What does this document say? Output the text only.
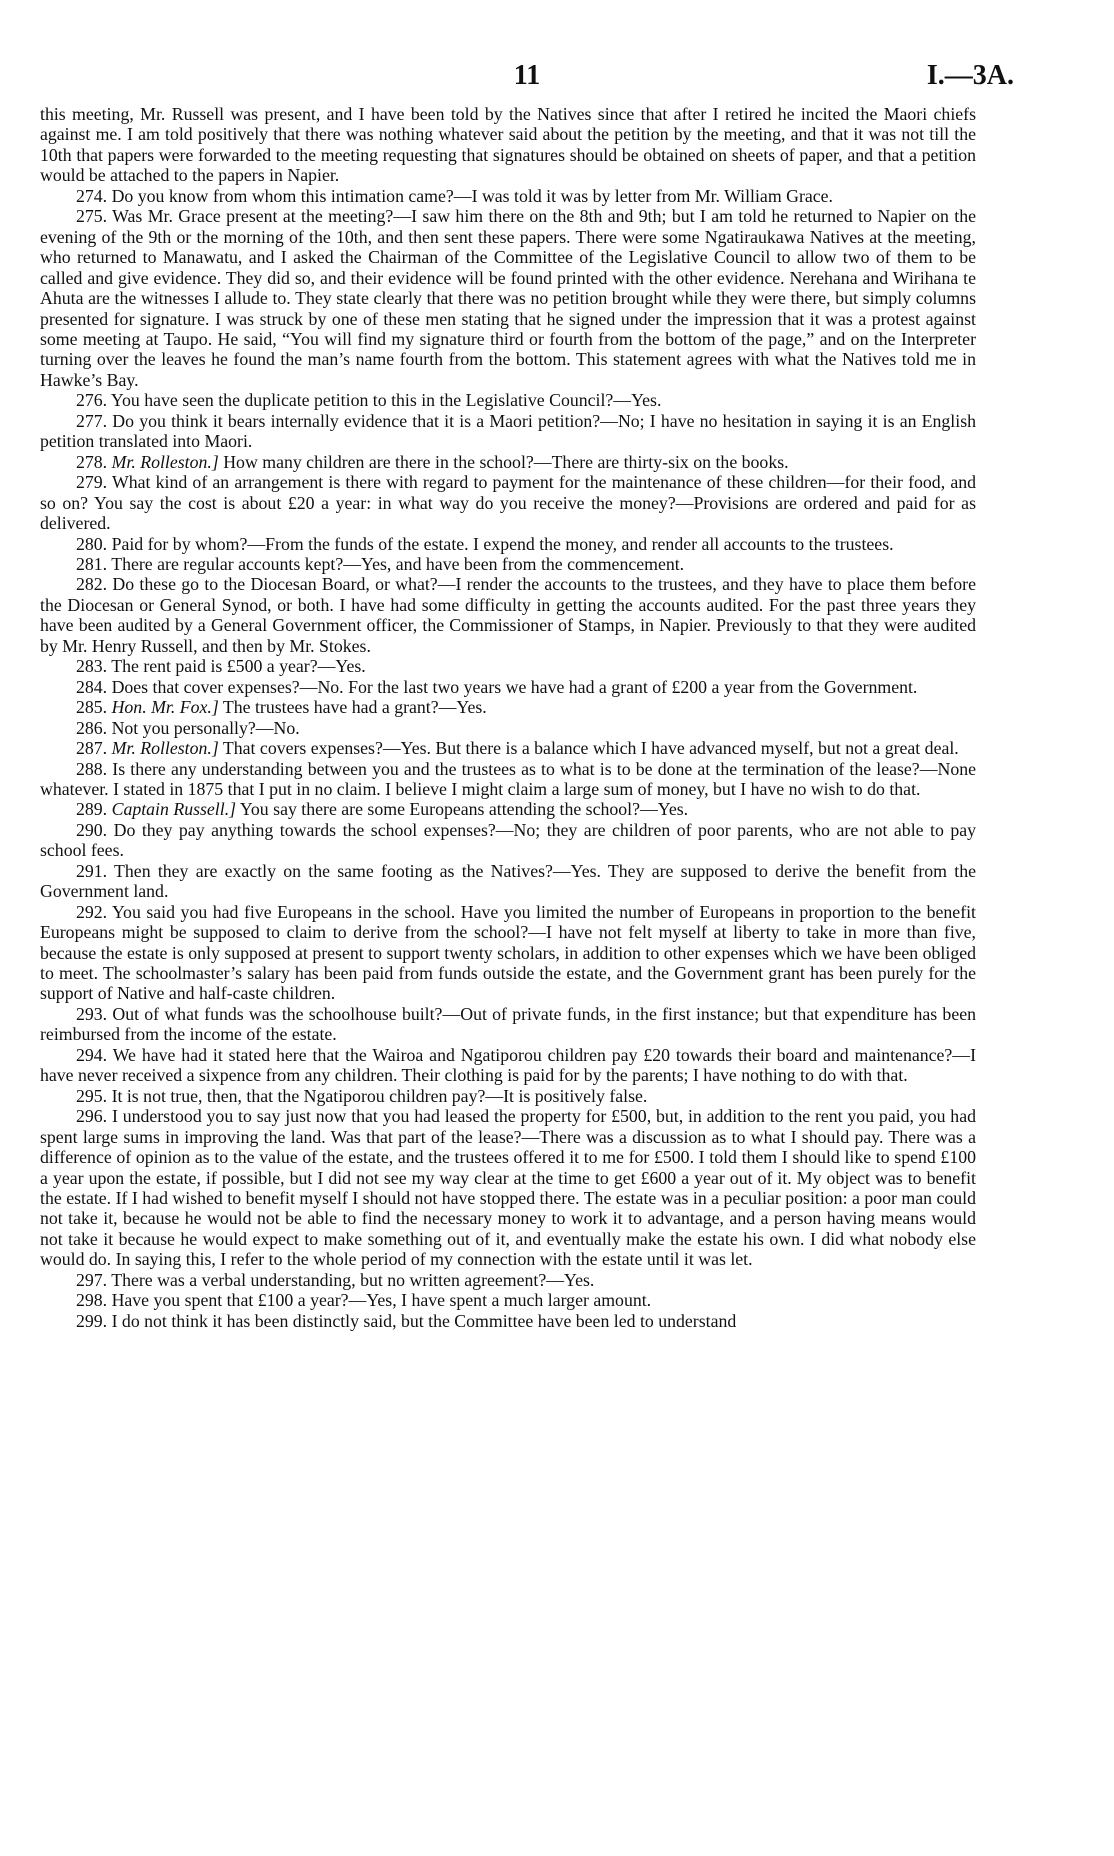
11	I.—3A.

this meeting, Mr. Russell was present, and I have been told by the Natives since that after I retired he incited the Maori chiefs against me. I am told positively that there was nothing whatever said about the petition by the meeting, and that it was not till the 10th that papers were forwarded to the meeting requesting that signatures should be obtained on sheets of paper, and that a petition would be attached to the papers in Napier.

274. Do you know from whom this intimation came?—I was told it was by letter from Mr. William Grace.

275. Was Mr. Grace present at the meeting?—I saw him there on the 8th and 9th; but I am told he returned to Napier on the evening of the 9th or the morning of the 10th, and then sent these papers. There were some Ngatiraukawa Natives at the meeting, who returned to Manawatu, and I asked the Chairman of the Committee of the Legislative Council to allow two of them to be called and give evidence. They did so, and their evidence will be found printed with the other evidence. Nerehana and Wirihana te Ahuta are the witnesses I allude to. They state clearly that there was no petition brought while they were there, but simply columns presented for signature. I was struck by one of these men stating that he signed under the impression that it was a protest against some meeting at Taupo. He said, “You will find my signature third or fourth from the bottom of the page,” and on the Interpreter turning over the leaves he found the man’s name fourth from the bottom. This statement agrees with what the Natives told me in Hawke’s Bay.

276. You have seen the duplicate petition to this in the Legislative Council?—Yes.

277. Do you think it bears internally evidence that it is a Maori petition?—No; I have no hesitation in saying it is an English petition translated into Maori.

278. Mr. Rolleston.] How many children are there in the school?—There are thirty-six on the books.

279. What kind of an arrangement is there with regard to payment for the maintenance of these children—for their food, and so on? You say the cost is about £20 a year: in what way do you receive the money?—Provisions are ordered and paid for as delivered.

280. Paid for by whom?—From the funds of the estate. I expend the money, and render all accounts to the trustees.

281. There are regular accounts kept?—Yes, and have been from the commencement.

282. Do these go to the Diocesan Board, or what?—I render the accounts to the trustees, and they have to place them before the Diocesan or General Synod, or both. I have had some difficulty in getting the accounts audited. For the past three years they have been audited by a General Government officer, the Commissioner of Stamps, in Napier. Previously to that they were audited by Mr. Henry Russell, and then by Mr. Stokes.

283. The rent paid is £500 a year?—Yes.

284. Does that cover expenses?—No. For the last two years we have had a grant of £200 a year from the Government.

285. Hon. Mr. Fox.] The trustees have had a grant?—Yes.

286. Not you personally?—No.

287. Mr. Rolleston.] That covers expenses?—Yes. But there is a balance which I have advanced myself, but not a great deal.

288. Is there any understanding between you and the trustees as to what is to be done at the termination of the lease?—None whatever. I stated in 1875 that I put in no claim. I believe I might claim a large sum of money, but I have no wish to do that.

289. Captain Russell.] You say there are some Europeans attending the school?—Yes.

290. Do they pay anything towards the school expenses?—No; they are children of poor parents, who are not able to pay school fees.

291. Then they are exactly on the same footing as the Natives?—Yes. They are supposed to derive the benefit from the Government land.

292. You said you had five Europeans in the school. Have you limited the number of Europeans in proportion to the benefit Europeans might be supposed to claim to derive from the school?—I have not felt myself at liberty to take in more than five, because the estate is only supposed at present to support twenty scholars, in addition to other expenses which we have been obliged to meet. The schoolmaster’s salary has been paid from funds outside the estate, and the Government grant has been purely for the support of Native and half-caste children.

293. Out of what funds was the schoolhouse built?—Out of private funds, in the first instance; but that expenditure has been reimbursed from the income of the estate.

294. We have had it stated here that the Wairoa and Ngatiporou children pay £20 towards their board and maintenance?—I have never received a sixpence from any children. Their clothing is paid for by the parents; I have nothing to do with that.

295. It is not true, then, that the Ngatiporou children pay?—It is positively false.

296. I understood you to say just now that you had leased the property for £500, but, in addition to the rent you paid, you had spent large sums in improving the land. Was that part of the lease?—There was a discussion as to what I should pay. There was a difference of opinion as to the value of the estate, and the trustees offered it to me for £500. I told them I should like to spend £100 a year upon the estate, if possible, but I did not see my way clear at the time to get £600 a year out of it. My object was to benefit the estate. If I had wished to benefit myself I should not have stopped there. The estate was in a peculiar position: a poor man could not take it, because he would not be able to find the necessary money to work it to advantage, and a person having means would not take it because he would expect to make something out of it, and eventually make the estate his own. I did what nobody else would do. In saying this, I refer to the whole period of my connection with the estate until it was let.

297. There was a verbal understanding, but no written agreement?—Yes.

298. Have you spent that £100 a year?—Yes, I have spent a much larger amount.

299. I do not think it has been distinctly said, but the Committee have been led to understand
